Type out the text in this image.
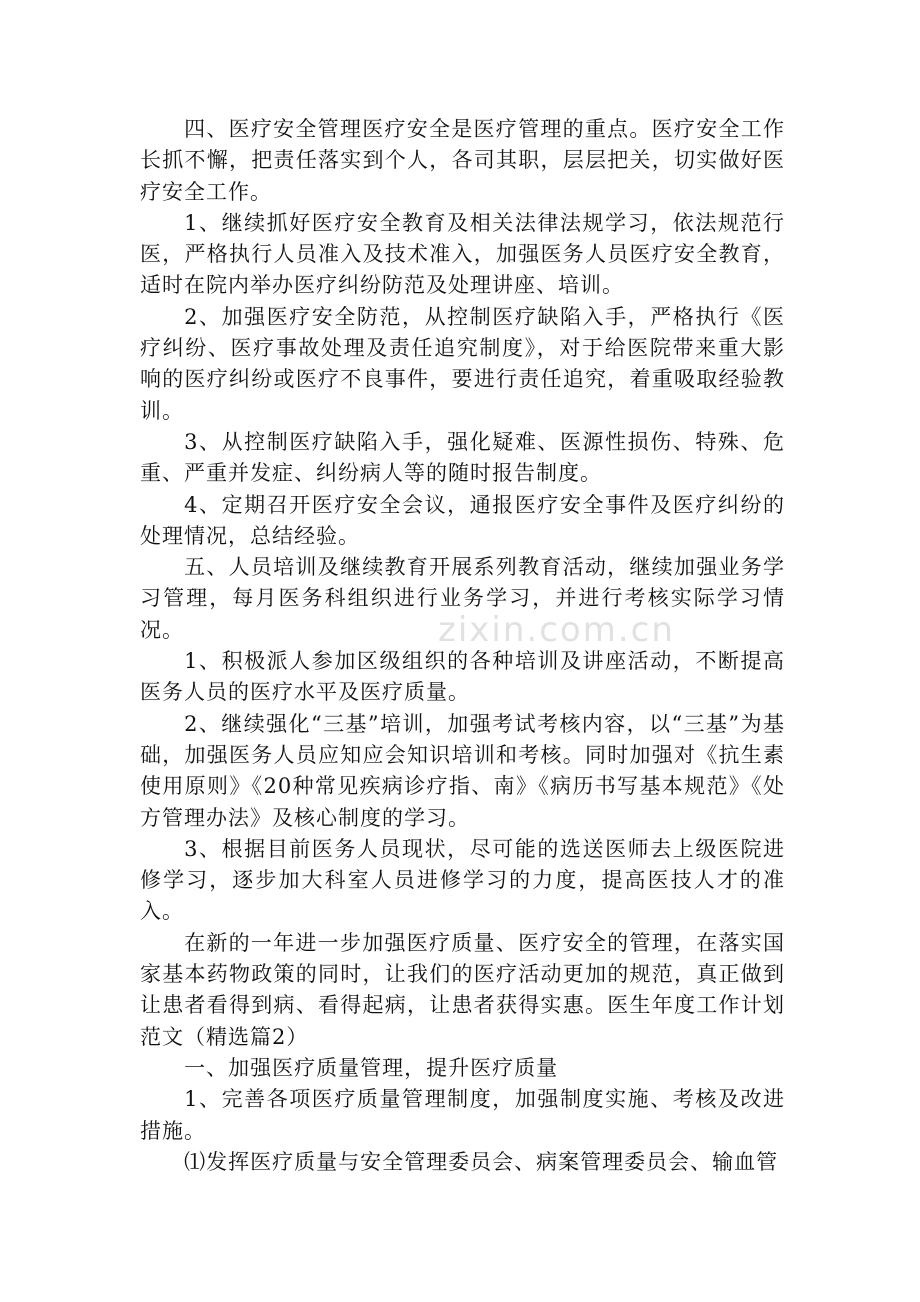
四、医疗安全管理医疗安全是医疗管理的重点。医疗安全工作长抓不懈，把责任落实到个人，各司其职，层层把关，切实做好医疗安全工作。

1、继续抓好医疗安全教育及相关法律法规学习，依法规范行医，严格执行人员准入及技术准入，加强医务人员医疗安全教育，适时在院内举办医疗纠纷防范及处理讲座、培训。

2、加强医疗安全防范，从控制医疗缺陷入手，严格执行《医疗纠纷、医疗事故处理及责任追究制度》，对于给医院带来重大影响的医疗纠纷或医疗不良事件，要进行责任追究，着重吸取经验教训。

3、从控制医疗缺陷入手，强化疑难、医源性损伤、特殊、危重、严重并发症、纠纷病人等的随时报告制度。

4、定期召开医疗安全会议，通报医疗安全事件及医疗纠纷的处理情况，总结经验。

五、人员培训及继续教育开展系列教育活动，继续加强业务学习管理，每月医务科组织进行业务学习，并进行考核实际学习情况。

1、积极派人参加区级组织的各种培训及讲座活动，不断提高医务人员的医疗水平及医疗质量。

2、继续强化“三基”培训，加强考试考核内容，以“三基”为基础，加强医务人员应知应会知识培训和考核。同时加强对《抗生素使用原则》《20种常见疾病诊疗指、南》《病历书写基本规范》《处方管理办法》及核心制度的学习。

3、根据目前医务人员现状，尽可能的选送医师去上级医院进修学习，逐步加大科室人员进修学习的力度，提高医技人才的准入。

在新的一年进一步加强医疗质量、医疗安全的管理，在落实国家基本药物政策的同时，让我们的医疗活动更加的规范，真正做到让患者看得到病、看得起病，让患者获得实惠。医生年度工作计划范文（精选篇2）

一、加强医疗质量管理，提升医疗质量

1、完善各项医疗质量管理制度，加强制度实施、考核及改进措施。

⑴发挥医疗质量与安全管理委员会、病案管理委员会、输血管

zixin.com.cn
